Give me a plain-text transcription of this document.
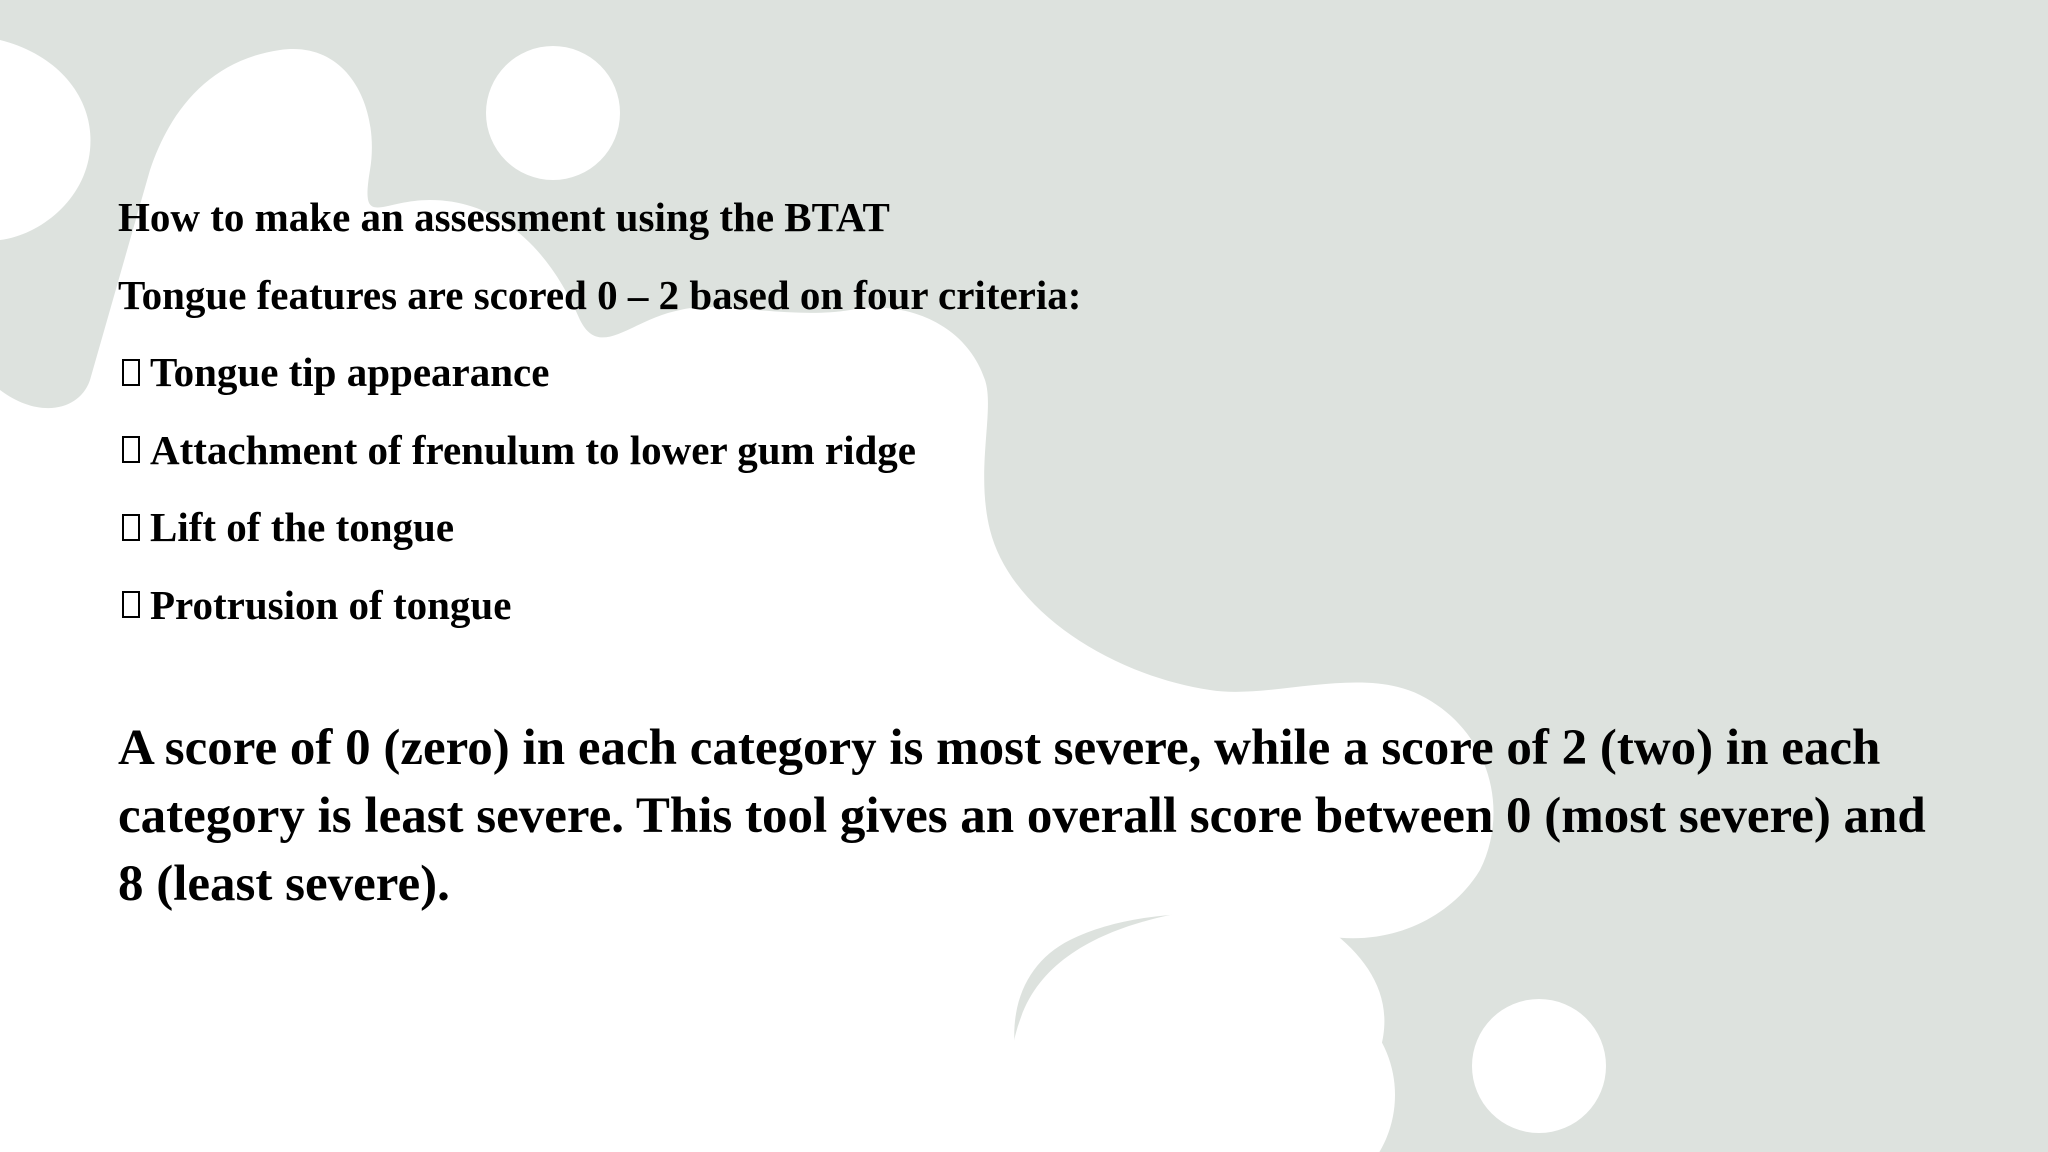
How to make an assessment using the BTAT
Tongue features are scored 0 – 2 based on four criteria:
Tongue tip appearance
Attachment of frenulum to lower gum ridge
Lift of the tongue
Protrusion of tongue
A score of 0 (zero) in each category is most severe, while a score of 2 (two) in each category is least severe. This tool gives an overall score between 0 (most severe) and 8 (least severe).
